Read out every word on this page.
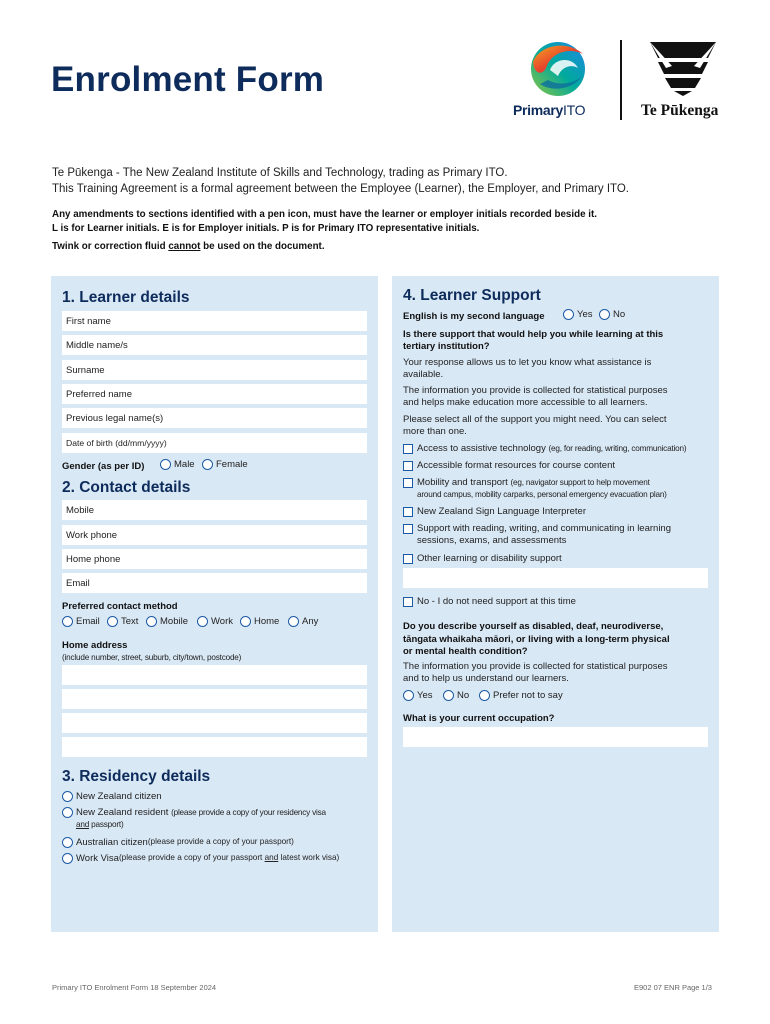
Enrolment Form
PrimaryITO	Te Pūkenga
Te Pūkenga - The New Zealand Institute of Skills and Technology, trading as Primary ITO.
This Training Agreement is a formal agreement between the Employee (Learner), the Employer, and Primary ITO.
Any amendments to sections identified with a pen icon, must have the learner or employer initials recorded beside it.
L is for Learner initials. E is for Employer initials. P is for Primary ITO representative initials.
Twink or correction fluid cannot be used on the document.
1. Learner details
First name
Middle name/s
Surname
Preferred name
Previous legal name(s)
Date of birth (dd/mm/yyyy)
Gender (as per ID)	Male Female
2. Contact details
Mobile
Work phone
Home phone
Email
Preferred contact method
Email Text Mobile Work Home Any
Home address
(include number, street, suburb, city/town, postcode)
3. Residency details
New Zealand citizen
New Zealand resident (please provide a copy of your residency visa
and passport)
Australian citizen (please provide a copy of your passport)
Work Visa (please provide a copy of your passport and latest work visa)
4. Learner Support
English is my second language	Yes No
Is there support that would help you while learning at this
tertiary institution?
Your response allows us to let you know what assistance is
available.
The information you provide is collected for statistical purposes
and helps make education more accessible to all learners.
Please select all of the support you might need. You can select
more than one.
Access to assistive technology (eg, for reading, writing, communication)
Accessible format resources for course content
Mobility and transport (eg, navigator support to help movement
around campus, mobility carparks, personal emergency evacuation plan)
New Zealand Sign Language Interpreter
Support with reading, writing, and communicating in learning
sessions, exams, and assessments
Other learning or disability support
No - I do not need support at this time
Do you describe yourself as disabled, deaf, neurodiverse,
tāngata whaikaha māori, or living with a long-term physical
or mental health condition?
The information you provide is collected for statistical purposes
and to help us understand our learners.
Yes	No	Prefer not to say
What is your current occupation?
Primary ITO Enrolment Form 18 September 2024	E902 07 ENR Page 1/3
